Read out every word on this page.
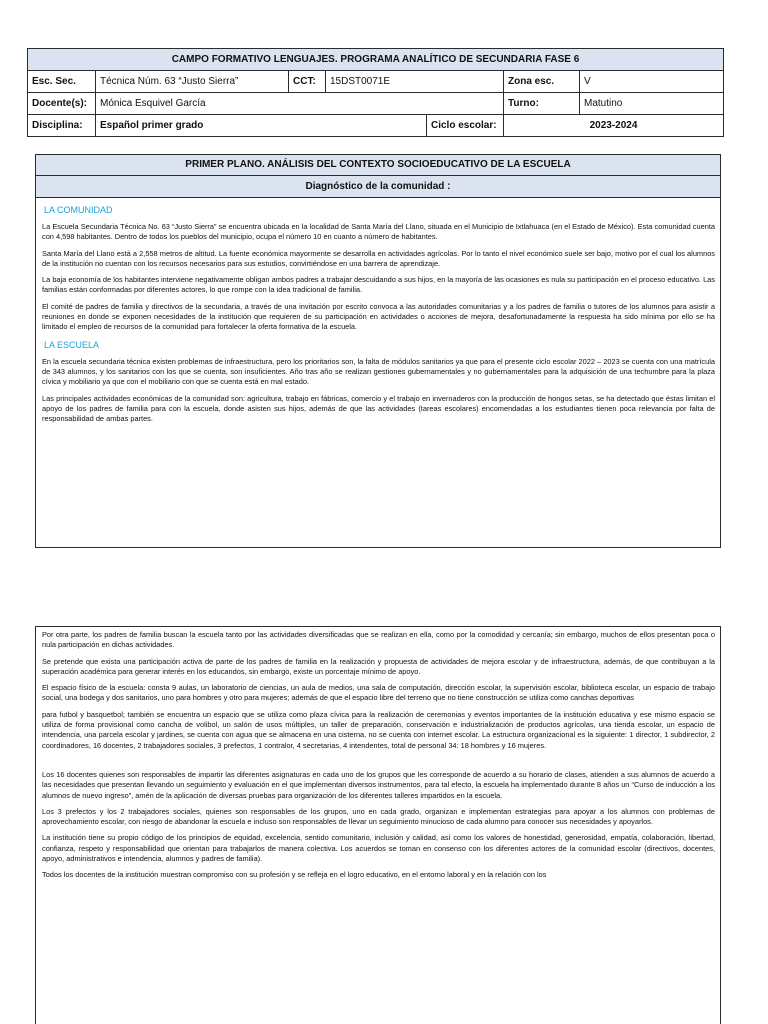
CAMPO FORMATIVO LENGUAJES. PROGRAMA ANALÍTICO DE SECUNDARIA FASE 6						
Esc. Sec.	Técnica Núm. 63 “Justo Sierra”	CCT:	15DST0071E		Zona esc.	V
Docente(s):	Mónica Esquivel García				Turno:	Matutino
Disciplina:	Español primer grado			Ciclo escolar:	2023-2024	
PRIMER PLANO. ANÁLISIS DEL CONTEXTO SOCIOEDUCATIVO DE LA ESCUELA
Diagnóstico de la comunidad :
LA COMUNIDAD

La Escuela Secundaria Técnica No. 63 “Justo Sierra” se encuentra ubicada en la localidad de Santa María del Llano, situada en el Municipio de Ixtlahuaca (en el Estado de México). Esta comunidad cuenta con 4,598 habitantes. Dentro de todos los pueblos del municipio, ocupa el número 10 en cuanto a número de habitantes.

Santa María del Llano está a 2,558 metros de altitud. La fuente económica mayormente se desarrolla en actividades agrícolas. Por lo tanto el nivel económico suele ser bajo, motivo por el cual los alumnos de la institución no cuentan con los recursos necesarios para sus estudios, convirtiéndose en una barrera de aprendizaje.

La baja economía de los habitantes interviene negativamente obligan ambos padres a trabajar descuidando a sus hijos, en la mayoría de las ocasiones es nula su participación en el proceso educativo. Las familias están conformadas por diferentes actores, lo que rompe con la idea tradicional de familia.

El comité de padres de familia y directivos de la secundaria, a través de una invitación por escrito convoca a las autoridades comunitarias y a los padres de familia o tutores de los alumnos para asistir a reuniones en donde se exponen necesidades de la institución que requieren de su participación en actividades o acciones de mejora, desafortunadamente la respuesta ha sido mínima por ello se ha limitado el empleo de recursos de la comunidad para fortalecer la oferta formativa de la escuela.

LA ESCUELA

En la escuela secundaria técnica existen problemas de infraestructura, pero los prioritarios son, la falta de módulos sanitarios ya que para el presente ciclo escolar 2022 – 2023 se cuenta con una matrícula de 343 alumnos, y los sanitarios con los que se cuenta, son insuficientes. Año tras año se realizan gestiones gubernamentales y no gubernamentales para la adquisición de una techumbre para la plaza cívica y mobiliario ya que con el mobiliario con que se cuenta está en mal estado.

Las principales actividades económicas de la comunidad son: agricultura, trabajo en fábricas, comercio y el trabajo en invernaderos con la producción de hongos setas, se ha detectado que éstas limitan el apoyo de los padres de familia para con la escuela, donde asisten sus hijos, además de que las actividades (tareas escolares) encomendadas a los estudiantes tienen poca relevancia por falta de responsabilidad de ambas partes.

Por otra parte, los padres de familia buscan la escuela tanto por las actividades diversificadas que se realizan en ella, como por la comodidad y cercanía; sin embargo, muchos de ellos presentan poca o nula participación en dichas actividades.

Se pretende que exista una participación activa de parte de los padres de familia en la realización y propuesta de actividades de mejora escolar y de infraestructura, además, de que contribuyan a la superación académica para generar interés en los educandos, sin embargo, existe un porcentaje mínimo de apoyo.

El espacio físico de la escuela: consta 9 aulas, un laboratorio de ciencias, un aula de medios, una sala de computación, dirección escolar, la supervisión escolar, biblioteca escolar, un espacio de trabajo social, una bodega y dos sanitarios, uno para hombres y otro para mujeres; además de que el espacio libre del terreno que no tiene construcción se utiliza como canchas deportivas

para futbol y basquetbol; también se encuentra un espacio que se utiliza como plaza cívica para la realización de ceremonias y eventos importantes de la institución educativa y ese mismo espacio se utiliza de forma provisional como cancha de volibol, un salón de usos múltiples, un taller de preparación, conservación e industrialización de productos agrícolas, una tienda escolar, un espacio de intendencia, una parcela escolar y jardines, se cuenta con agua que se almacena en una cisterna, no se cuenta con internet escolar. La estructura organizacional es la siguiente: 1 director, 1 subdirector, 2 coordinadores, 16 docentes, 2 trabajadores sociales, 3 prefectos, 1 contralor, 4 secretarias, 4 intendentes, total de personal 34: 18 hombres y 16 mujeres.

Los 16 docentes quienes son responsables de impartir las diferentes asignaturas en cada uno de los grupos que les corresponde de acuerdo a su horario de clases, atienden a sus alumnos de acuerdo a las necesidades que presentan llevando un seguimiento y evaluación en el que implementan diversos instrumentos, para tal efecto, la escuela ha implementado durante 8 años un “Curso de inducción a los alumnos de nuevo ingreso”, amén de la aplicación de diversas pruebas para organización de los diferentes talleres impartidos en la escuela.

Los 3 prefectos y los 2 trabajadores sociales, quienes son responsables de los grupos, uno en cada grado, organizan e implementan estrategias para apoyar a los alumnos con problemas de aprovechamiento escolar, con riesgo de abandonar la escuela e incluso son responsables de llevar un seguimiento minucioso de cada alumno para conocer sus necesidades y apoyarlos.

La institución tiene su propio código de los principios de equidad, excelencia, sentido comunitario, inclusión y calidad, así como los valores de honestidad, generosidad, empatía, colaboración, libertad, confianza, respeto y responsabilidad que orientan para trabajarlos de manera colectiva. Los acuerdos se toman en consenso con los diferentes actores de la comunidad escolar (directivos, docentes, apoyo, administrativos e intendencia, alumnos y padres de familia).

Todos los docentes de la institución muestran compromiso con su profesión y se refleja en el logro educativo, en el entorno laboral y en la relación con los
